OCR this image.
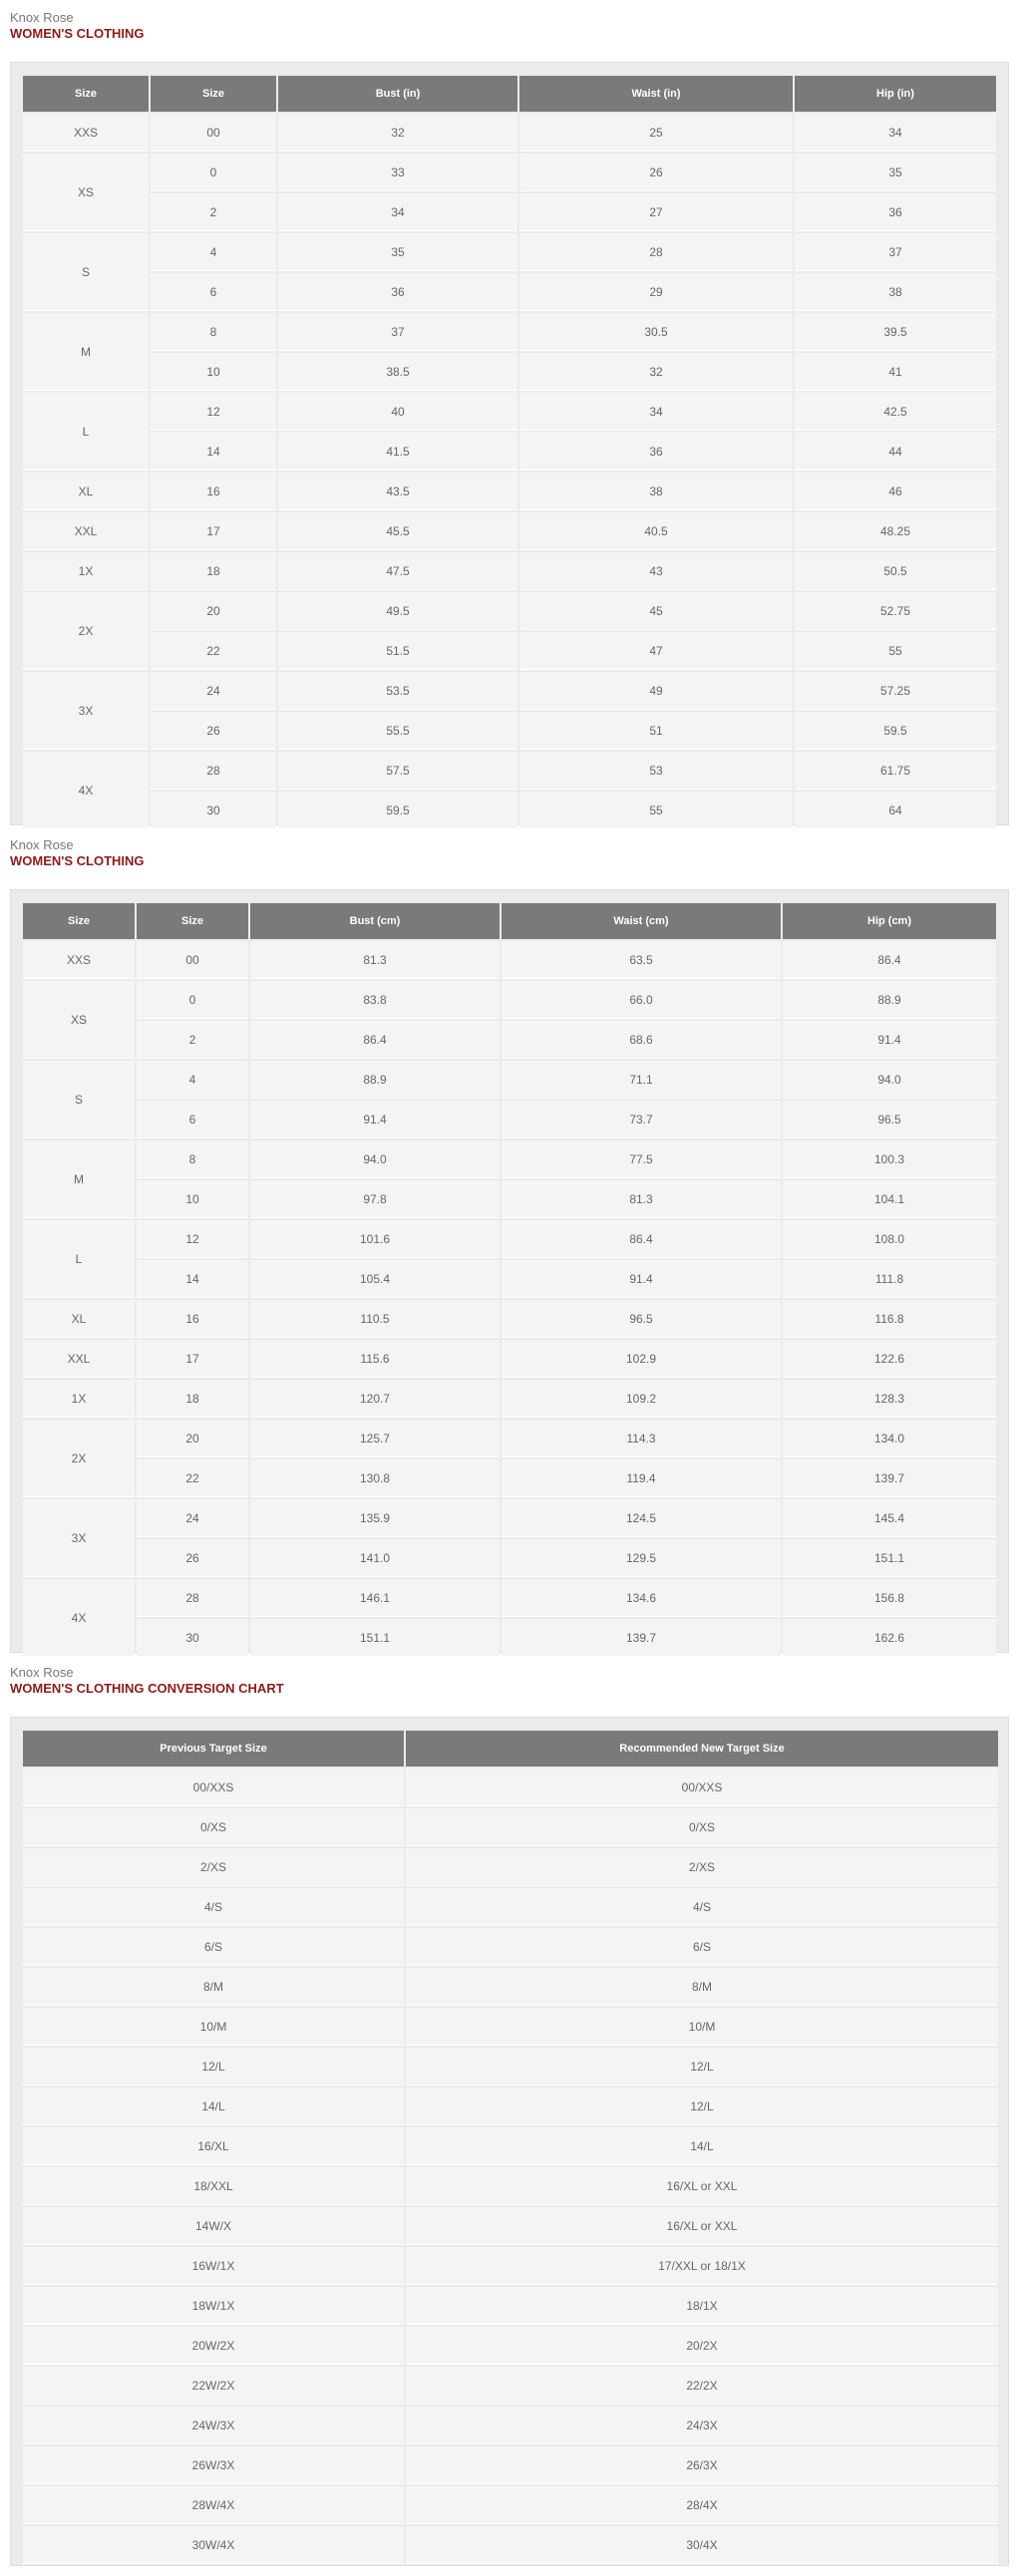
Knox Rose
WOMEN'S CLOTHING
Size	Size	Bust (in)	Waist (in)	Hip (in)
XXS	00	32	25	34
XS	0	33	26	35
	2	34	27	36
S	4	35	28	37
	6	36	29	38
M	8	37	30.5	39.5
	10	38.5	32	41
L	12	40	34	42.5
	14	41.5	36	44
XL	16	43.5	38	46
XXL	17	45.5	40.5	48.25
1X	18	47.5	43	50.5
2X	20	49.5	45	52.75
	22	51.5	47	55
3X	24	53.5	49	57.25
	26	55.5	51	59.5
4X	28	57.5	53	61.75
	30	59.5	55	64
Knox Rose
WOMEN'S CLOTHING
Size	Size	Bust (cm)	Waist (cm)	Hip (cm)
XXS	00	81.3	63.5	86.4
XS	0	83.8	66.0	88.9
	2	86.4	68.6	91.4
S	4	88.9	71.1	94.0
	6	91.4	73.7	96.5
M	8	94.0	77.5	100.3
	10	97.8	81.3	104.1
L	12	101.6	86.4	108.0
	14	105.4	91.4	111.8
XL	16	110.5	96.5	116.8
XXL	17	115.6	102.9	122.6
1X	18	120.7	109.2	128.3
2X	20	125.7	114.3	134.0
	22	130.8	119.4	139.7
3X	24	135.9	124.5	145.4
	26	141.0	129.5	151.1
4X	28	146.1	134.6	156.8
	30	151.1	139.7	162.6
Knox Rose
WOMEN'S CLOTHING CONVERSION CHART
Previous Target Size	Recommended New Target Size
00/XXS	00/XXS
0/XS	0/XS
2/XS	2/XS
4/S	4/S
6/S	6/S
8/M	8/M
10/M	10/M
12/L	12/L
14/L	12/L
16/XL	14/L
18/XXL	16/XL or XXL
14W/X	16/XL or XXL
16W/1X	17/XXL or 18/1X
18W/1X	18/1X
20W/2X	20/2X
22W/2X	22/2X
24W/3X	24/3X
26W/3X	26/3X
28W/4X	28/4X
30W/4X	30/4X
